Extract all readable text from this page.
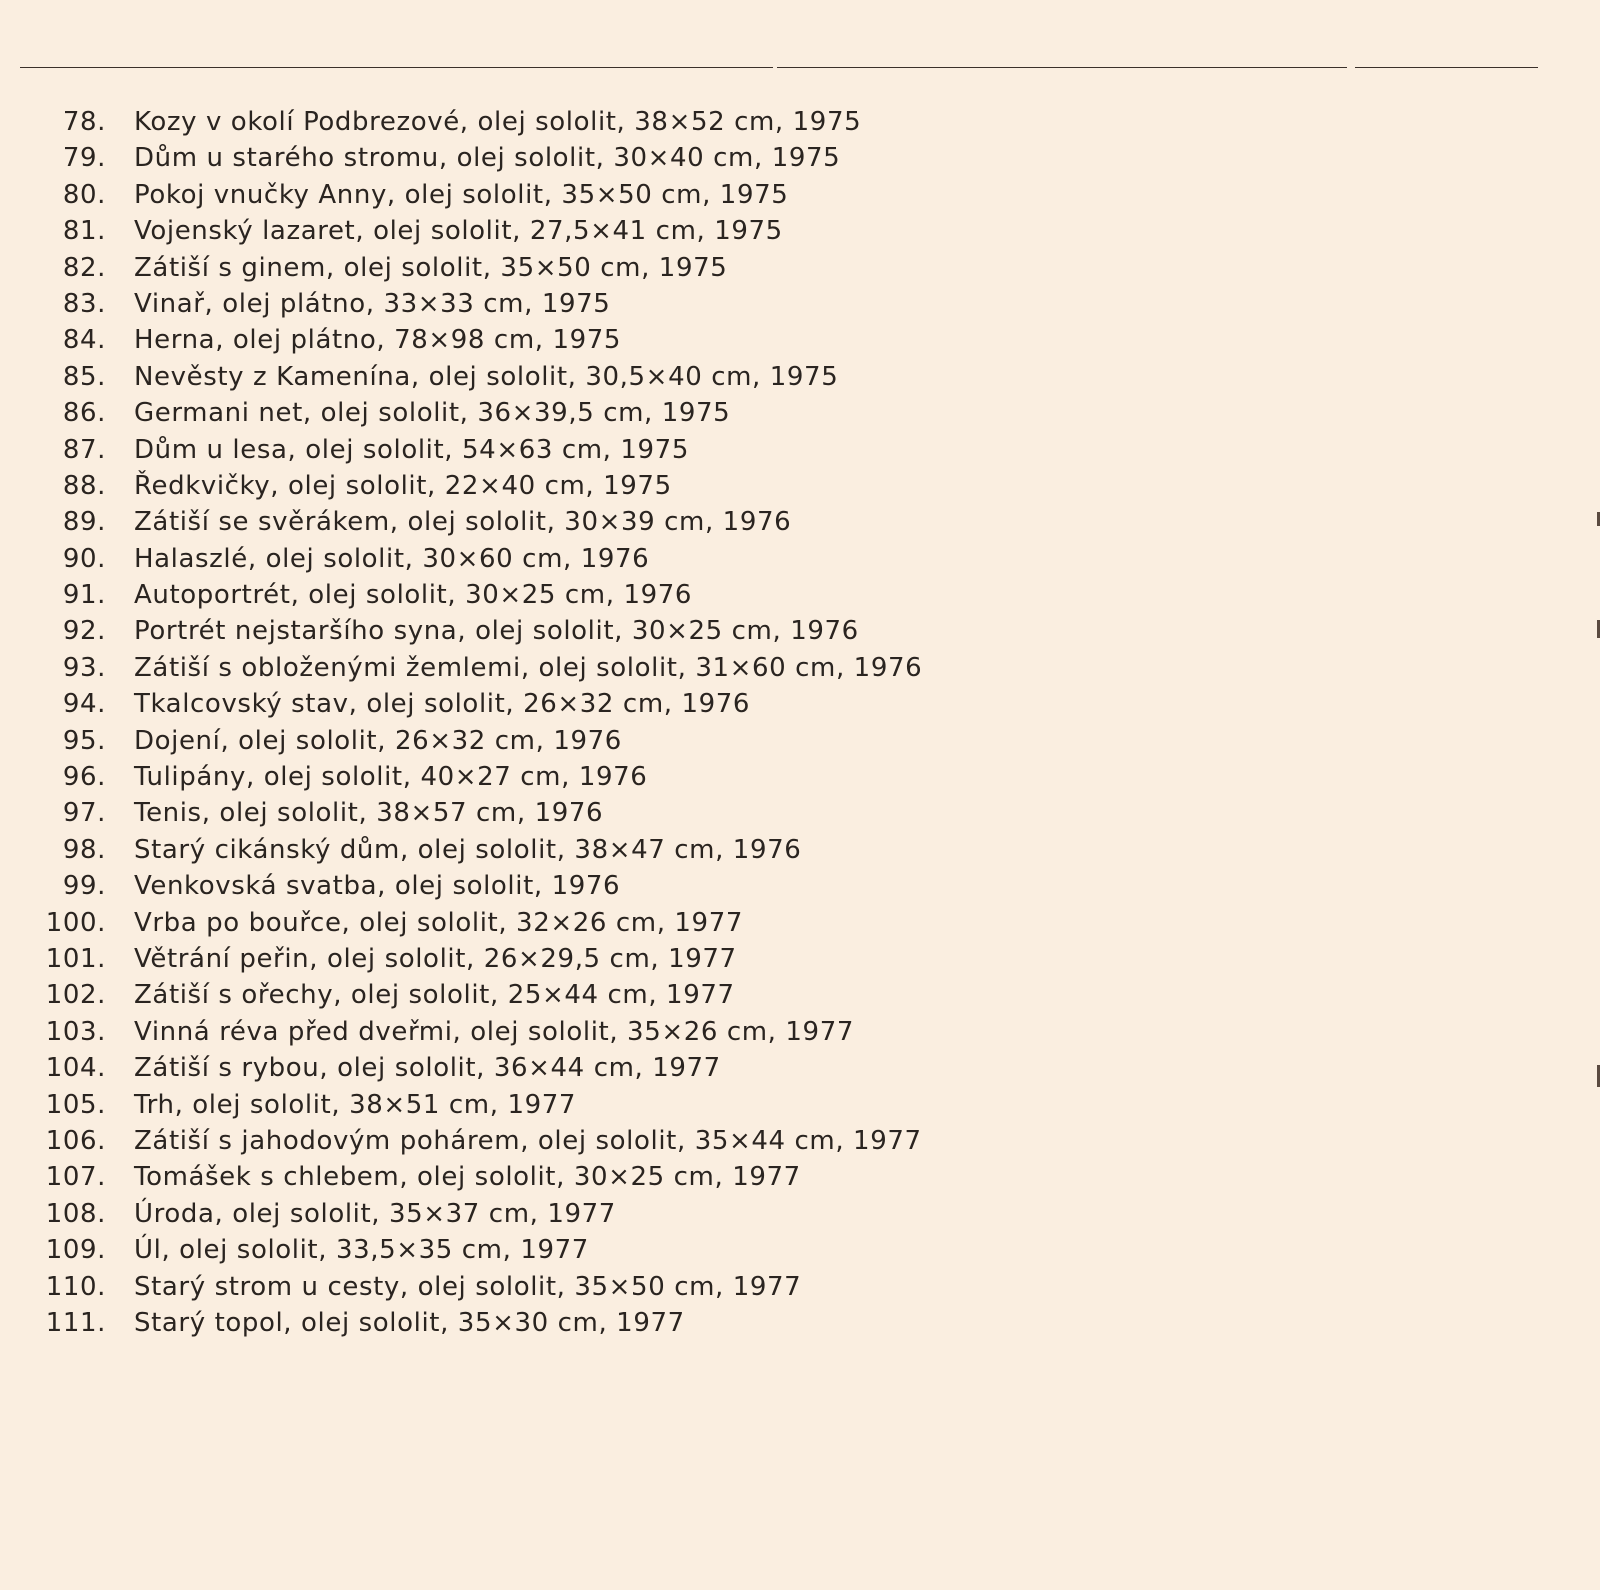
78. Kozy v okolí Podbrezové, olej sololit, 38×52 cm, 1975
79. Dům u starého stromu, olej sololit, 30×40 cm, 1975
80. Pokoj vnučky Anny, olej sololit, 35×50 cm, 1975
81. Vojenský lazaret, olej sololit, 27,5×41 cm, 1975
82. Zátiší s ginem, olej sololit, 35×50 cm, 1975
83. Vinař, olej plátno, 33×33 cm, 1975
84. Herna, olej plátno, 78×98 cm, 1975
85. Nevěsty z Kamenína, olej sololit, 30,5×40 cm, 1975
86. Germani net, olej sololit, 36×39,5 cm, 1975
87. Dům u lesa, olej sololit, 54×63 cm, 1975
88. Ředkvičky, olej sololit, 22×40 cm, 1975
89. Zátiší se svěrákem, olej sololit, 30×39 cm, 1976
90. Halaszlé, olej sololit, 30×60 cm, 1976
91. Autoportrét, olej sololit, 30×25 cm, 1976
92. Portrét nejstaršího syna, olej sololit, 30×25 cm, 1976
93. Zátiší s obloženými žemlemi, olej sololit, 31×60 cm, 1976
94. Tkalcovský stav, olej sololit, 26×32 cm, 1976
95. Dojení, olej sololit, 26×32 cm, 1976
96. Tulipány, olej sololit, 40×27 cm, 1976
97. Tenis, olej sololit, 38×57 cm, 1976
98. Starý cikánský dům, olej sololit, 38×47 cm, 1976
99. Venkovská svatba, olej sololit, 1976
100. Vrba po bouřce, olej sololit, 32×26 cm, 1977
101. Větrání peřin, olej sololit, 26×29,5 cm, 1977
102. Zátiší s ořechy, olej sololit, 25×44 cm, 1977
103. Vinná réva před dveřmi, olej sololit, 35×26 cm, 1977
104. Zátiší s rybou, olej sololit, 36×44 cm, 1977
105. Trh, olej sololit, 38×51 cm, 1977
106. Zátiší s jahodovým pohárem, olej sololit, 35×44 cm, 1977
107. Tomášek s chlebem, olej sololit, 30×25 cm, 1977
108. Úroda, olej sololit, 35×37 cm, 1977
109. Úl, olej sololit, 33,5×35 cm, 1977
110. Starý strom u cesty, olej sololit, 35×50 cm, 1977
111. Starý topol, olej sololit, 35×30 cm, 1977
